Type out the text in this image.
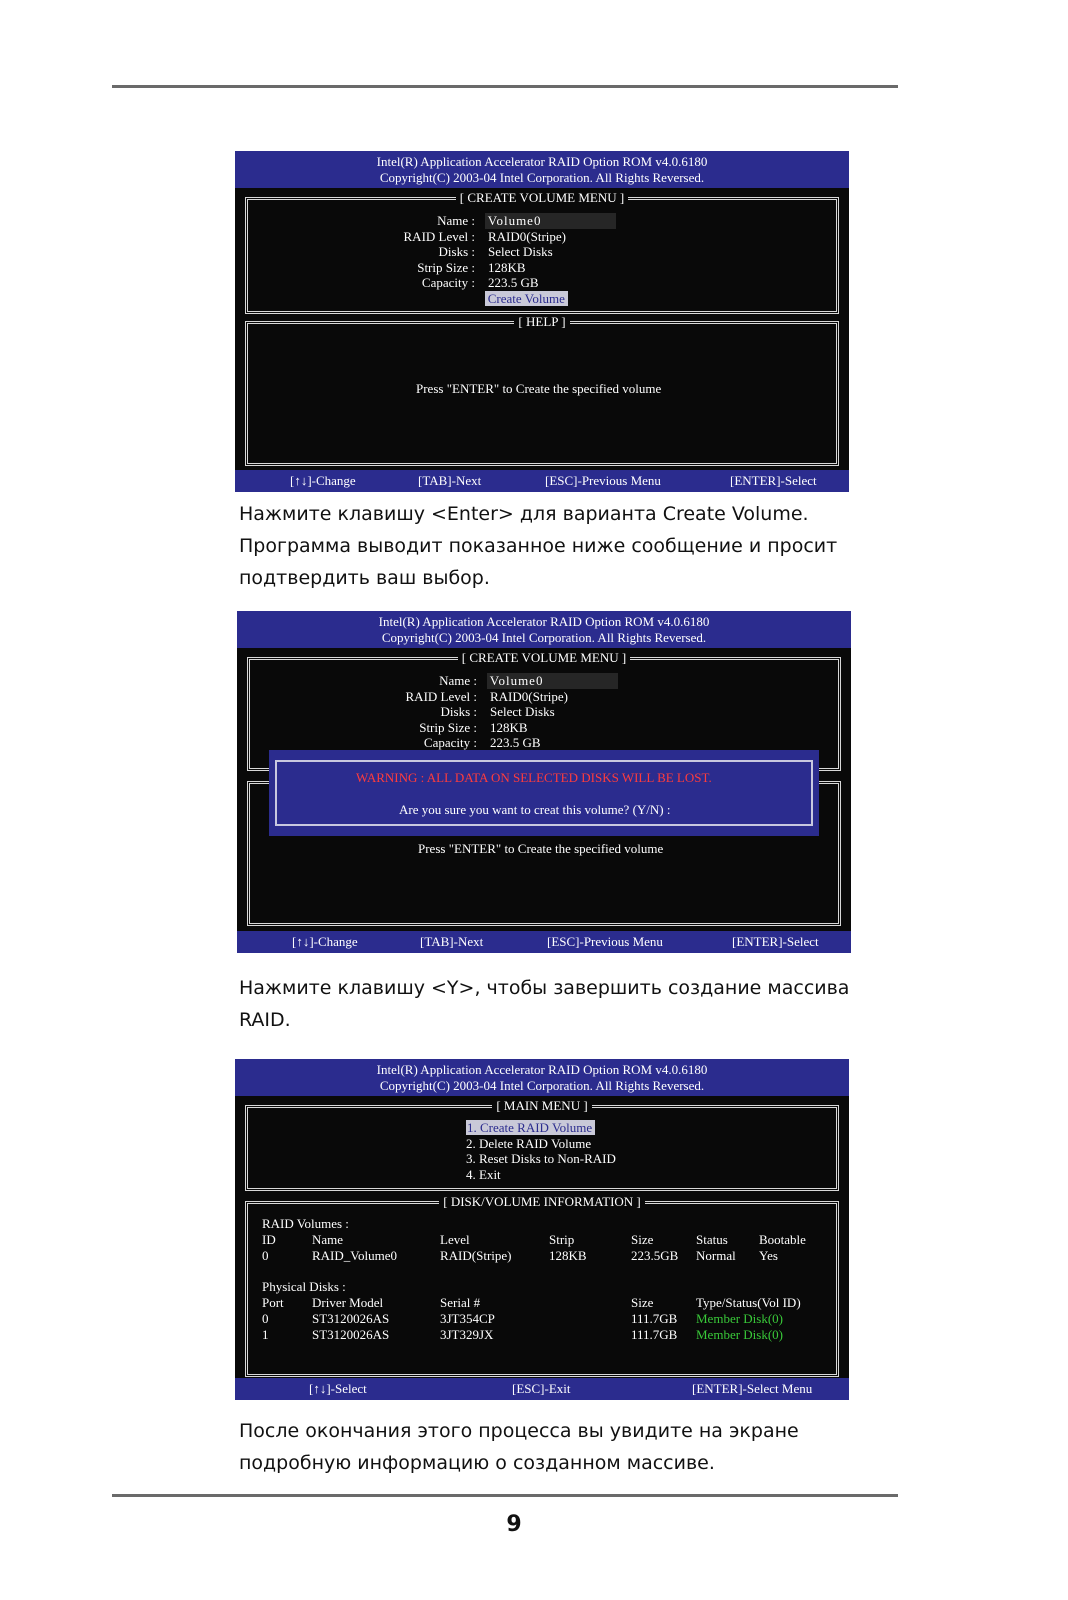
Intel(R) Application Accelerator RAID Option ROM v4.0.6180
Copyright(C) 2003-04 Intel Corporation. All Rights Reversed.
[ CREATE VOLUME MENU ]
Name : Volume0
RAID Level : RAID0(Stripe)
Disks : Select Disks
Strip Size : 128KB
Capacity : 223.5 GB
Create Volume
[ HELP ]
Press "ENTER" to Create the specified volume
[↑↓]-Change	[TAB]-Next	[ESC]-Previous Menu	[ENTER]-Select
Нажмите клавишу <Enter> для варианта Create Volume. Программа выводит показанное ниже сообщение и просит подтвердить ваш выбор.
Intel(R) Application Accelerator RAID Option ROM v4.0.6180
Copyright(C) 2003-04 Intel Corporation. All Rights Reversed.
[ CREATE VOLUME MENU ]
Name : Volume0
RAID Level : RAID0(Stripe)
Disks : Select Disks
Strip Size : 128KB
Capacity : 223.5 GB
Press "ENTER" to Create the specified volume
WARNING : ALL DATA ON SELECTED DISKS WILL BE LOST.
Are you sure you want to creat this volume? (Y/N) :
[↑↓]-Change	[TAB]-Next	[ESC]-Previous Menu	[ENTER]-Select
Нажмите клавишу <Y>, чтобы завершить создание массива RAID.
Intel(R) Application Accelerator RAID Option ROM v4.0.6180
Copyright(C) 2003-04 Intel Corporation. All Rights Reversed.
[ MAIN MENU ]
1. Create RAID Volume
2. Delete RAID Volume
3. Reset Disks to Non-RAID
4. Exit
[ DISK/VOLUME INFORMATION ]
RAID Volumes :
ID	Name	Level	Strip	Size	Status Bootable
0	RAID_Volume0	RAID(Stripe)	128KB	223.5GB Normal Yes
Physical Disks :
Port Driver Model	Serial #	Size	Type/Status(Vol ID)
0	ST3120026AS	3JT354CP	111.7GB Member Disk(0)
1	ST3120026AS	3JT329JX	111.7GB Member Disk(0)
[↑↓]-Select	[ESC]-Exit	[ENTER]-Select Menu
После окончания этого процесса вы увидите на экране подробную информацию о созданном массиве.
9
